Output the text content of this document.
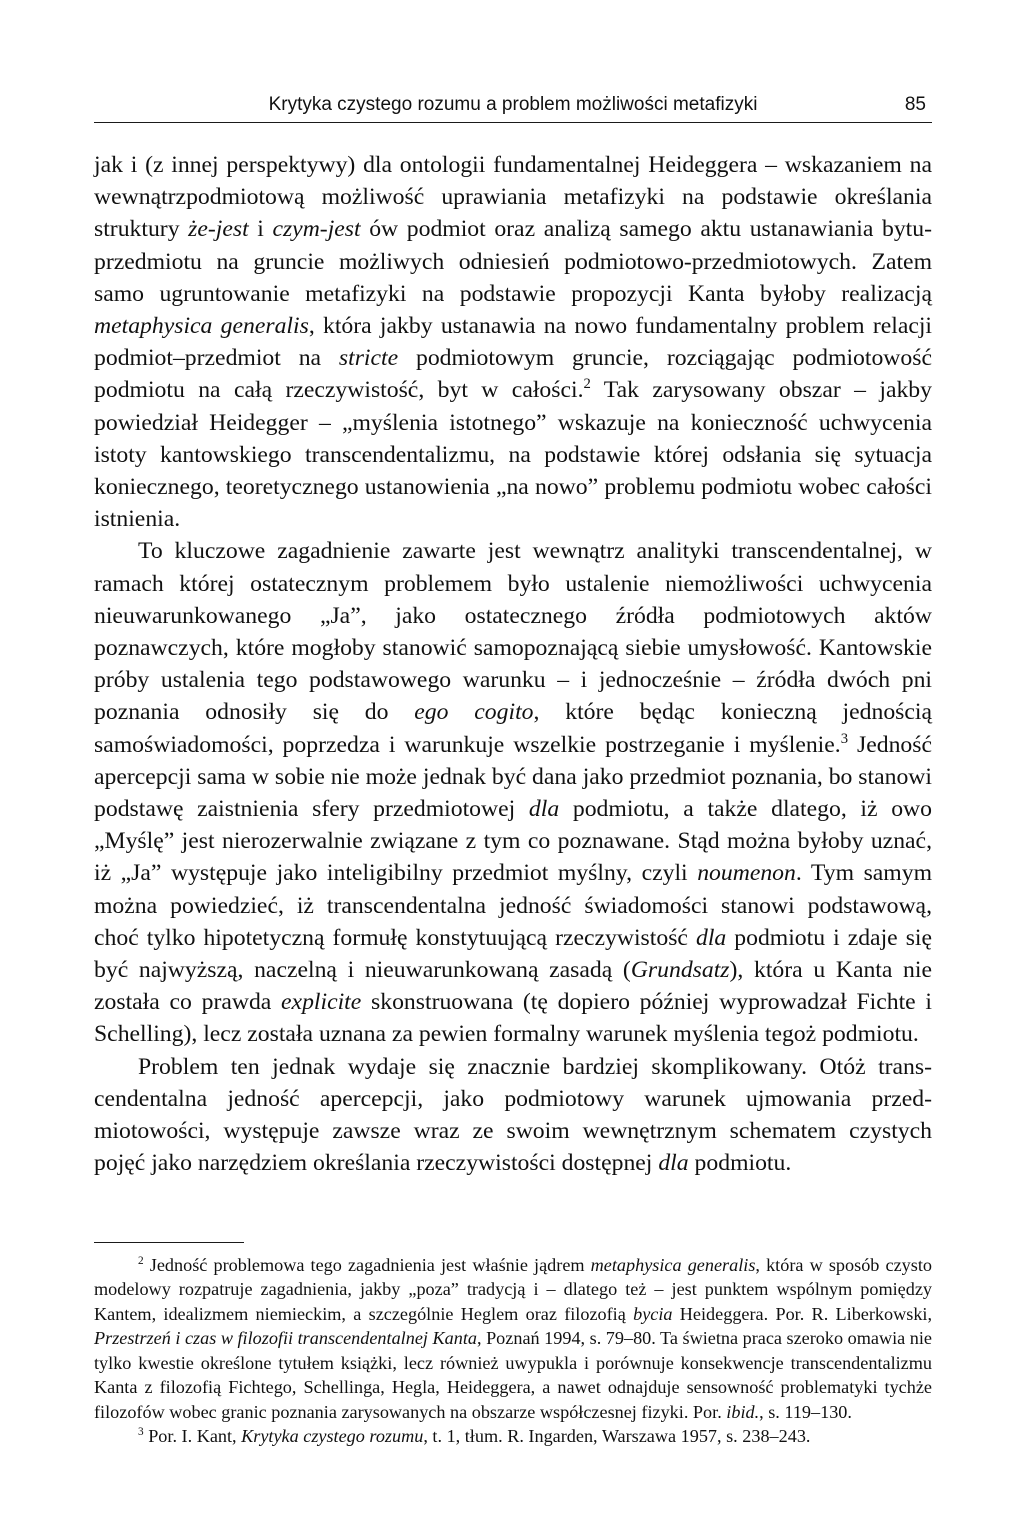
Krytyka czystego rozumu a problem możliwości metafizyki	85

jak i (z innej perspektywy) dla ontologii fundamentalnej Heideggera – wskazaniem na wewnątrzpodmiotową możliwość uprawiania metafizyki na podstawie określania struktury że-jest i czym-jest ów podmiot oraz analizą samego aktu ustanawiania bytu-przedmiotu na gruncie możliwych odniesień podmiotowo-przedmiotowych. Zatem samo ugruntowanie metafizyki na podstawie propozycji Kanta byłoby realizacją metaphysica generalis, która jakby ustanawia na nowo fundamentalny problem relacji podmiot–przedmiot na stricte podmiotowym gruncie, rozciągając podmiotowość podmiotu na całą rzeczywistość, byt w całości.$^2$ Tak zarysowany obszar – jakby powiedział Heidegger – „myślenia istotnego” wskazuje na konieczność uchwycenia istoty kantowskiego transcendentalizmu, na podstawie której odsłania się sytuacja koniecznego, teoretycznego ustanowienia „na nowo” problemu podmiotu wobec całości istnienia.

To kluczowe zagadnienie zawarte jest wewnątrz analityki transcendentalnej, w ramach której ostatecznym problemem było ustalenie niemożliwości uchwycenia nieuwarunkowanego „Ja”, jako ostatecznego źródła podmiotowych aktów poznawczych, które mogłoby stanowić samopoznającą siebie umysłowość. Kantowskie próby ustalenia tego podstawowego warunku – i jednocześnie – źródła dwóch pni poznania odnosiły się do ego cogito, które będąc konieczną jednością samoświadomości, poprzedza i warunkuje wszelkie postrzeganie i myślenie.$^3$ Jedność apercepcji sama w sobie nie może jednak być dana jako przedmiot poznania, bo stanowi podstawę zaistnienia sfery przedmiotowej dla podmiotu, a także dlatego, iż owo „Myślę” jest nierozerwalnie związane z tym co poznawane. Stąd można byłoby uznać, iż „Ja” występuje jako inteligibilny przedmiot myślny, czyli noumenon. Tym samym można powiedzieć, iż transcendentalna jedność świadomości stanowi podstawową, choć tylko hipotetyczną formułę konstytuującą rzeczywistość dla podmiotu i zdaje się być najwyższą, naczelną i nieuwarunkowaną zasadą (Grundsatz), która u Kanta nie została co prawda explicite skonstruowana (tę dopiero później wyprowadzał Fichte i Schelling), lecz została uznana za pewien formalny warunek myślenia tegoż podmiotu.

Problem ten jednak wydaje się znacznie bardziej skomplikowany. Otóż transcendentalna jedność apercepcji, jako podmiotowy warunek ujmowania przedmiotowości, występuje zawsze wraz ze swoim wewnętrznym schematem czystych pojęć jako narzędziem określania rzeczywistości dostępnej dla podmiotu.

$^2$ Jedność problemowa tego zagadnienia jest właśnie jądrem metaphysica generalis, która w sposób czysto modelowy rozpatruje zagadnienia, jakby „poza” tradycją i – dlatego też – jest punktem wspólnym pomiędzy Kantem, idealizmem niemieckim, a szczególnie Heglem oraz filozofią bycia Heideggera. Por. R. Liberkowski, Przestrzeń i czas w filozofii transcendentalnej Kanta, Poznań 1994, s. 79–80. Ta świetna praca szeroko omawia nie tylko kwestie określone tytułem książki, lecz również uwypukla i porównuje konsekwencje transcendentalizmu Kanta z filozofią Fichtego, Schellinga, Hegla, Heideggera, a nawet odnajduje sensowność problematyki tychże filozofów wobec granic poznania zarysowanych na obszarze współczesnej fizyki. Por. ibid., s. 119–130.

$^3$ Por. I. Kant, Krytyka czystego rozumu, t. 1, tłum. R. Ingarden, Warszawa 1957, s. 238–243.
